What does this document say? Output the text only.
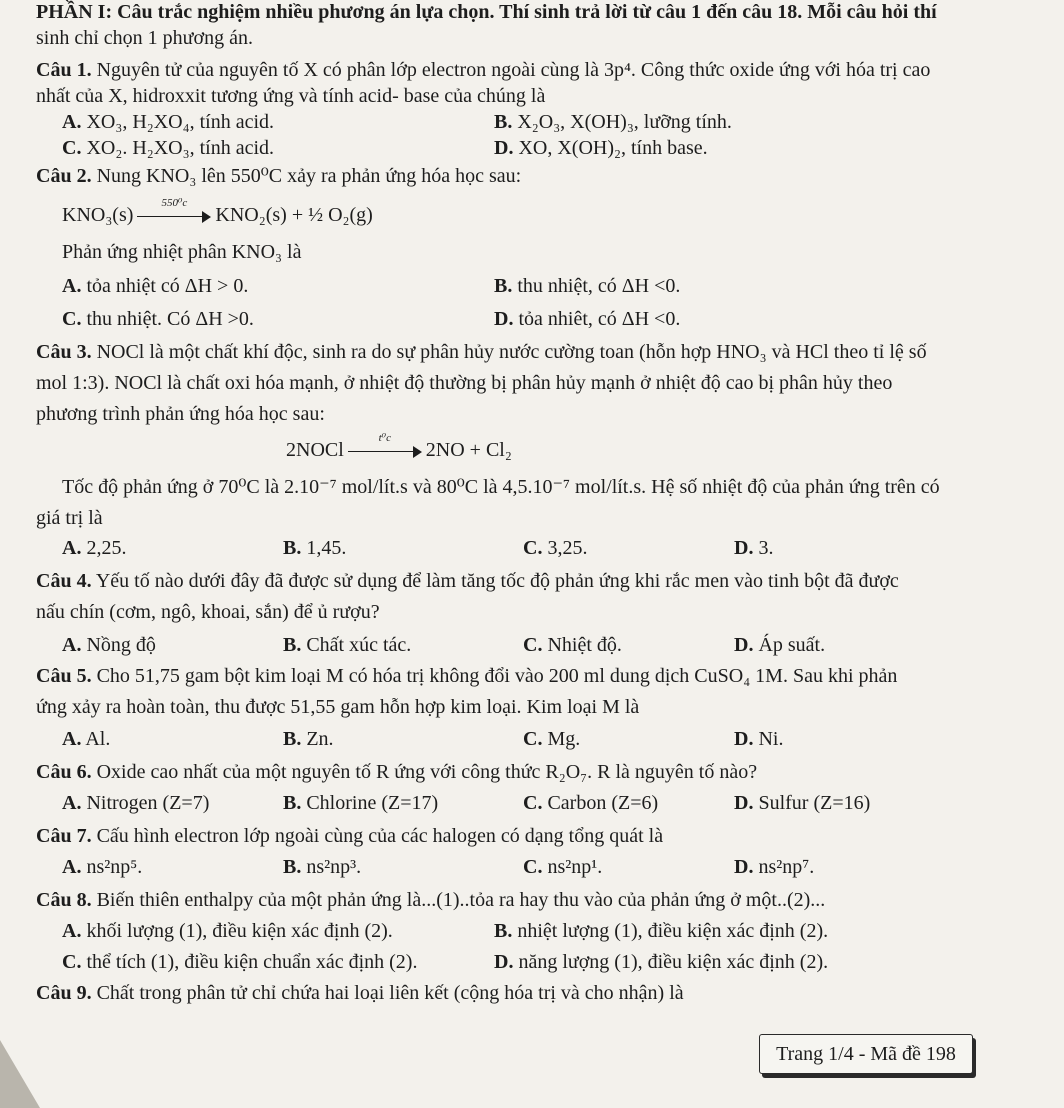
PHẦN I: Câu trắc nghiệm nhiều phương án lựa chọn. Thí sinh trả lời từ câu 1 đến câu 18. Mỗi câu hỏi thí
sinh chỉ chọn 1 phương án.
Câu 1. Nguyên tử của nguyên tố X có phân lớp electron ngoài cùng là 3p⁴. Công thức oxide ứng với hóa trị cao
nhất của X, hidroxxit tương ứng và tính acid- base của chúng là
A. XO₃, H₂XO₄, tính acid.	B. X₂O₃, X(OH)₃, lưỡng tính.
C. XO₂. H₂XO₃, tính acid.	D. XO, X(OH)₂, tính base.
Câu 2. Nung KNO₃ lên 550⁰C xảy ra phản ứng hóa học sau:
KNO₃(s)
550⁰c
KNO₂(s) + ½ O₂(g)
Phản ứng nhiệt phân KNO₃ là
A. tỏa nhiệt có ΔH > 0.	B. thu nhiệt, có ΔH <0.
C. thu nhiệt. Có ΔH >0.	D. tỏa nhiêt, có ΔH <0.
Câu 3. NOCl là một chất khí độc, sinh ra do sự phân hủy nước cường toan (hỗn hợp HNO₃ và HCl theo tỉ lệ số
mol 1:3). NOCl là chất oxi hóa mạnh, ở nhiệt độ thường bị phân hủy mạnh ở nhiệt độ cao bị phân hủy theo
phương trình phản ứng hóa học sau:
2NOCl
t⁰c
2NO + Cl₂
Tốc độ phản ứng ở 70⁰C là 2.10⁻⁷ mol/lít.s và 80⁰C là 4,5.10⁻⁷ mol/lít.s. Hệ số nhiệt độ của phản ứng trên có
giá trị là
A. 2,25.	B. 1,45.	C. 3,25.	D. 3.
Câu 4. Yếu tố nào dưới đây đã được sử dụng để làm tăng tốc độ phản ứng khi rắc men vào tinh bột đã được
nấu chín (cơm, ngô, khoai, sắn) để ủ rượu?
A. Nồng độ	B. Chất xúc tác.	C. Nhiệt độ.	D. Áp suất.
Câu 5. Cho 51,75 gam bột kim loại M có hóa trị không đổi vào 200 ml dung dịch CuSO₄ 1M. Sau khi phản
ứng xảy ra hoàn toàn, thu được 51,55 gam hỗn hợp kim loại. Kim loại M là
A. Al.	B. Zn.	C. Mg.	D. Ni.
Câu 6. Oxide cao nhất của một nguyên tố R ứng với công thức R₂O₇. R là nguyên tố nào?
A. Nitrogen (Z=7)	B. Chlorine (Z=17)	C. Carbon (Z=6)	D. Sulfur (Z=16)
Câu 7. Cấu hình electron lớp ngoài cùng của các halogen có dạng tổng quát là
A. ns²np⁵.	B. ns²np³.	C. ns²np¹.	D. ns²np⁷.
Câu 8. Biến thiên enthalpy của một phản ứng là...(1)..tỏa ra hay thu vào của phản ứng ở một..(2)...
A. khối lượng (1), điều kiện xác định (2).	B. nhiệt lượng (1), điều kiện xác định (2).
C. thể tích (1), điều kiện chuẩn xác định (2).	D. năng lượng (1), điều kiện xác định (2).
Câu 9. Chất trong phân tử chỉ chứa hai loại liên kết (cộng hóa trị và cho nhận) là
Trang 1/4 - Mã đề 198
